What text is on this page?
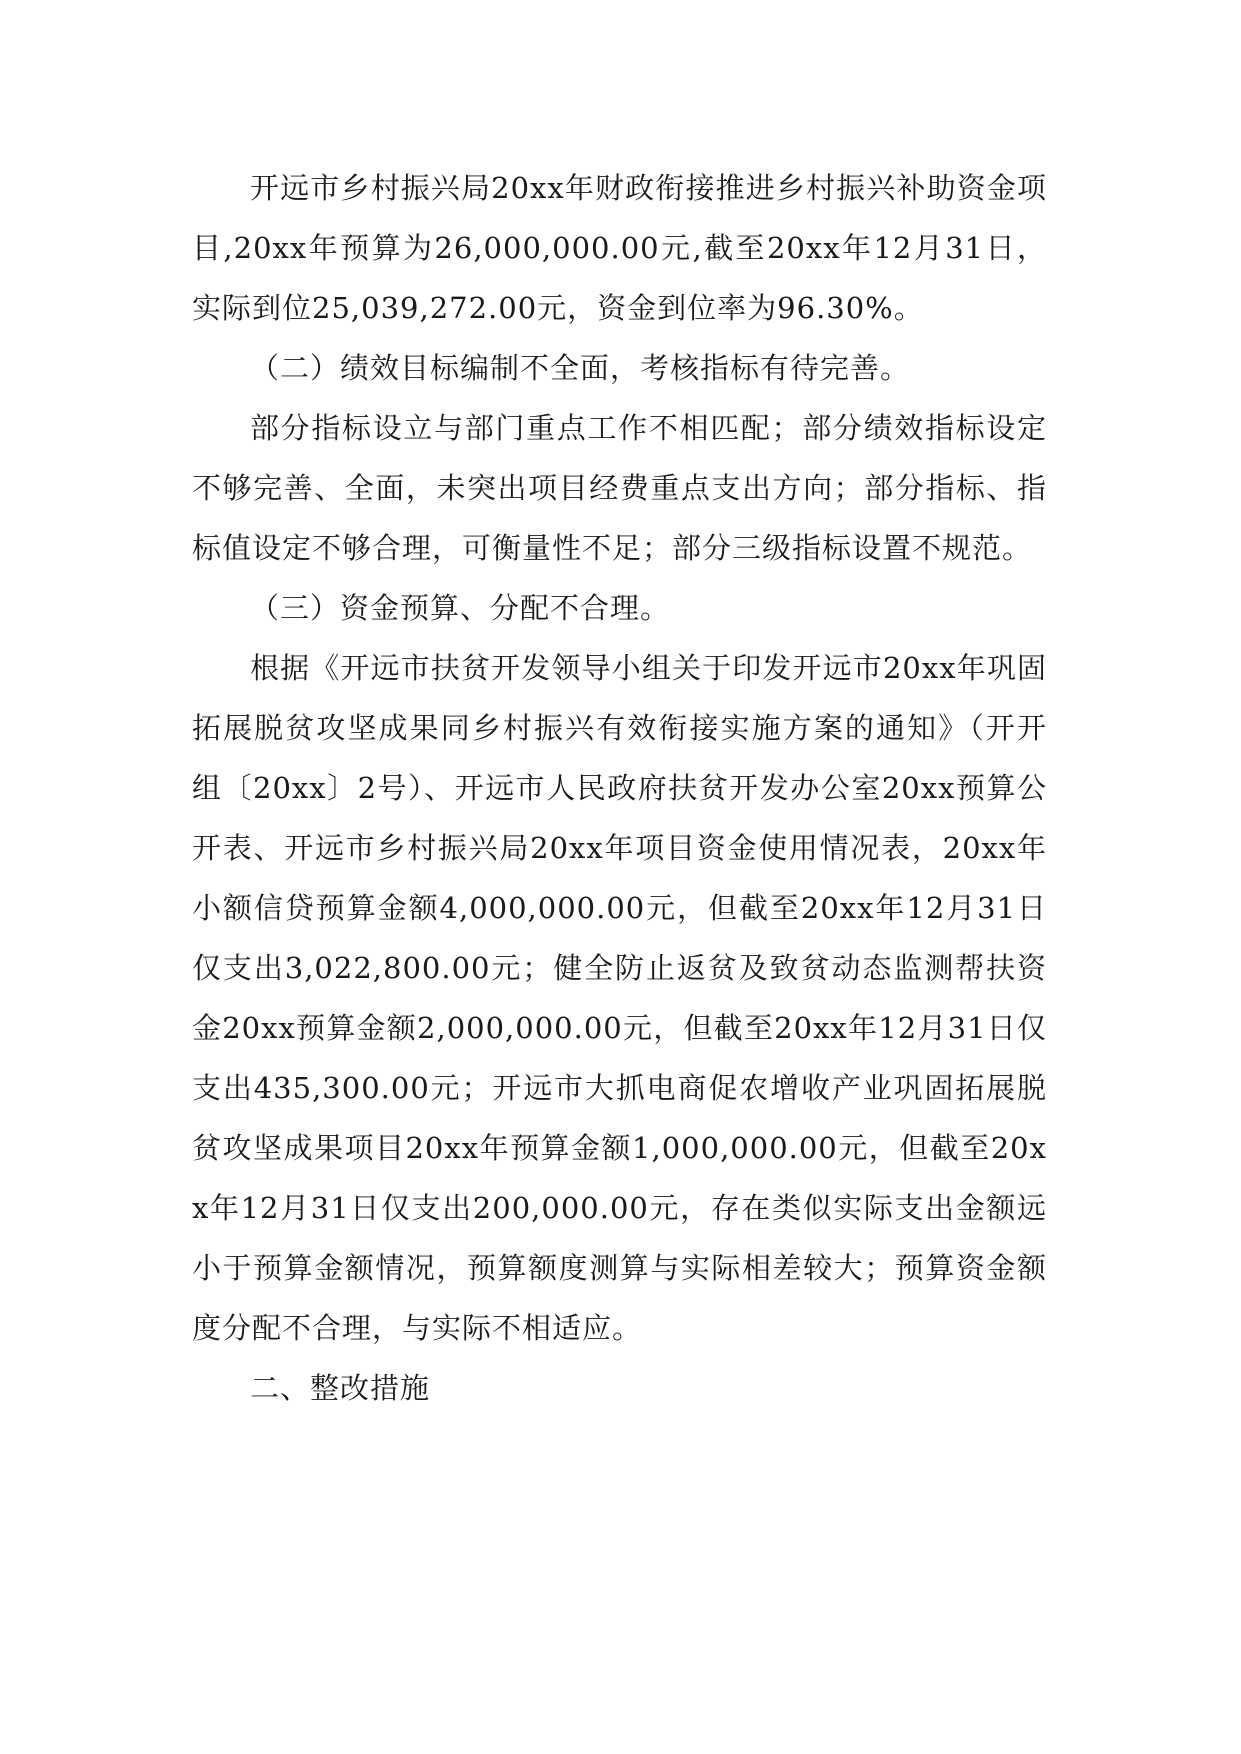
开远市乡村振兴局20xx年财政衔接推进乡村振兴补助资金项目,20xx年预算为26,000,000.00元,截至20xx年12月31日，实际到位25,039,272.00元，资金到位率为96.30%。

（二）绩效目标编制不全面，考核指标有待完善。

部分指标设立与部门重点工作不相匹配；部分绩效指标设定不够完善、全面，未突出项目经费重点支出方向；部分指标、指标值设定不够合理，可衡量性不足；部分三级指标设置不规范。

（三）资金预算、分配不合理。

根据《开远市扶贫开发领导小组关于印发开远市20xx年巩固拓展脱贫攻坚成果同乡村振兴有效衔接实施方案的通知》（开开组〔20xx〕2号）、开远市人民政府扶贫开发办公室20xx预算公开表、开远市乡村振兴局20xx年项目资金使用情况表，20xx年小额信贷预算金额4,000,000.00元，但截至20xx年12月31日仅支出3,022,800.00元；健全防止返贫及致贫动态监测帮扶资金20xx预算金额2,000,000.00元，但截至20xx年12月31日仅支出435,300.00元；开远市大抓电商促农增收产业巩固拓展脱贫攻坚成果项目20xx年预算金额1,000,000.00元，但截至20xx年12月31日仅支出200,000.00元，存在类似实际支出金额远小于预算金额情况，预算额度测算与实际相差较大；预算资金额度分配不合理，与实际不相适应。

二、整改措施
